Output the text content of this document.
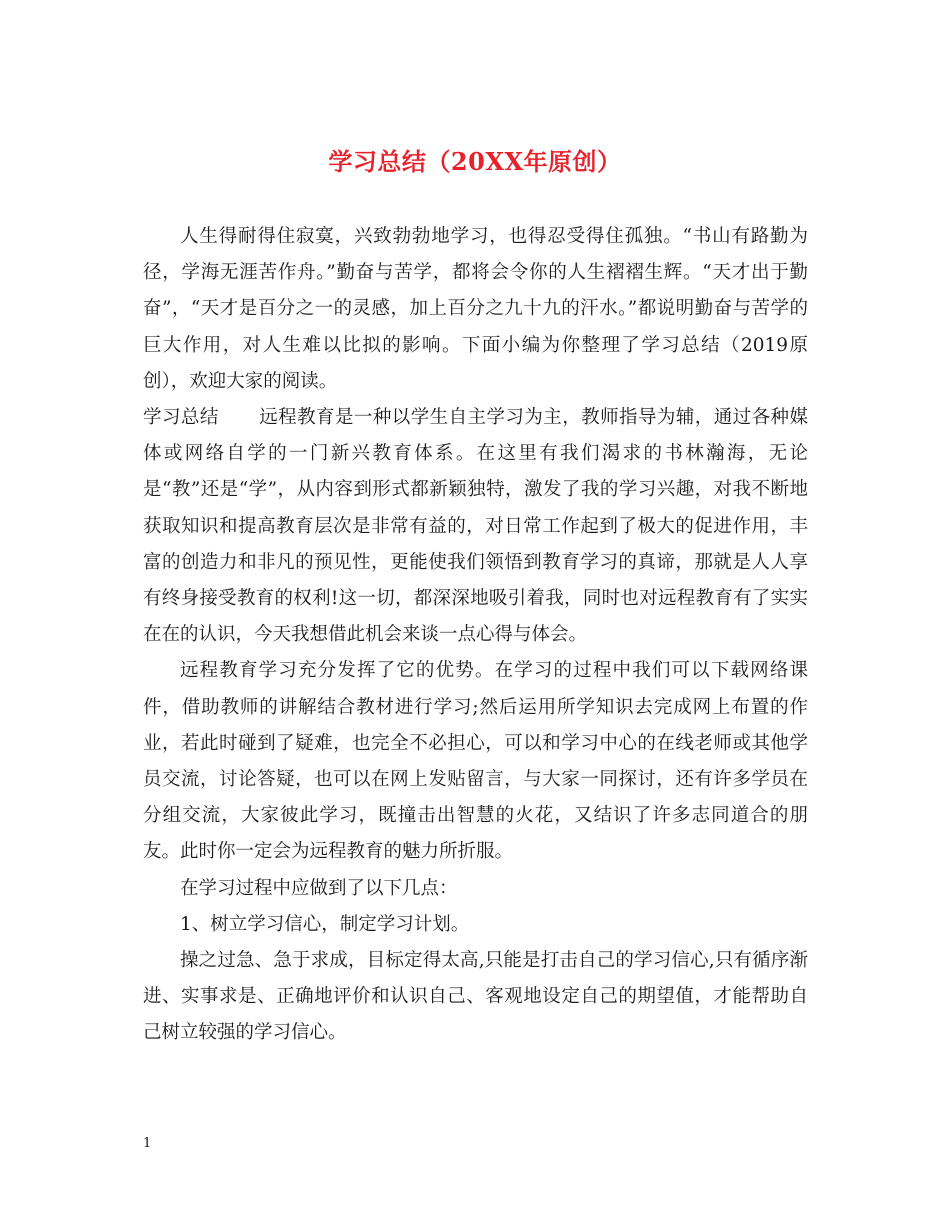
学习总结（20XX年原创）

人生得耐得住寂寞，兴致勃勃地学习，也得忍受得住孤独。“书山有路勤为径，学海无涯苦作舟。”勤奋与苦学，都将会令你的人生褶褶生辉。“天才出于勤奋”，“天才是百分之一的灵感，加上百分之九十九的汗水。”都说明勤奋与苦学的巨大作用，对人生难以比拟的影响。下面小编为你整理了学习总结（2019原创），欢迎大家的阅读。

学习总结 远程教育是一种以学生自主学习为主，教师指导为辅，通过各种媒体或网络自学的一门新兴教育体系。在这里有我们渴求的书林瀚海，无论是“教”还是“学”，从内容到形式都新颖独特，激发了我的学习兴趣，对我不断地获取知识和提高教育层次是非常有益的，对日常工作起到了极大的促进作用，丰富的创造力和非凡的预见性，更能使我们领悟到教育学习的真谛，那就是人人享有终身接受教育的权利!这一切，都深深地吸引着我，同时也对远程教育有了实实在在的认识，今天我想借此机会来谈一点心得与体会。

远程教育学习充分发挥了它的优势。在学习的过程中我们可以下载网络课件，借助教师的讲解结合教材进行学习;然后运用所学知识去完成网上布置的作业，若此时碰到了疑难，也完全不必担心，可以和学习中心的在线老师或其他学员交流，讨论答疑，也可以在网上发贴留言，与大家一同探讨，还有许多学员在分组交流，大家彼此学习，既撞击出智慧的火花，又结识了许多志同道合的朋友。此时你一定会为远程教育的魅力所折服。

在学习过程中应做到了以下几点：

1、树立学习信心，制定学习计划。

操之过急、急于求成，目标定得太高,只能是打击自己的学习信心,只有循序渐进、实事求是、正确地评价和认识自己、客观地设定自己的期望值，才能帮助自己树立较强的学习信心。

1
